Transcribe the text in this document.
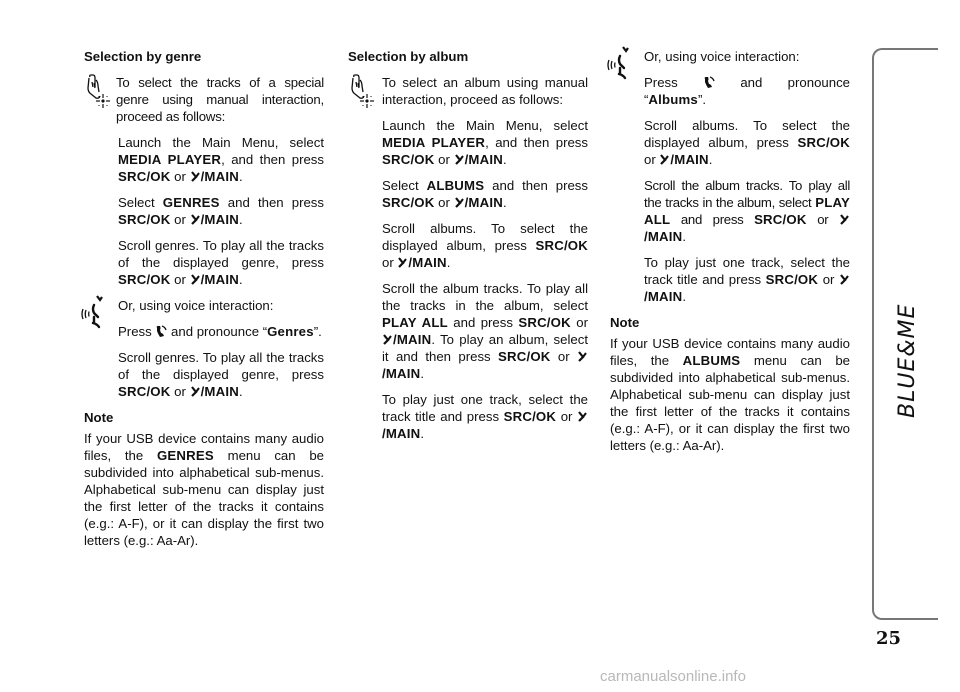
Selection by genre

To select the tracks of a special genre using manual interaction, proceed as follows:

Launch the Main Menu, select MEDIA PLAYER, and then press SRC/OK or /MAIN.

Select GENRES and then press SRC/OK or /MAIN.

Scroll genres. To play all the tracks of the displayed genre, press SRC/OK or /MAIN.

Or, using voice interaction:

Press  and pronounce “Genres”.

Scroll genres. To play all the tracks of the displayed genre, press SRC/OK or /MAIN.

Note

If your USB device contains many audio files, the GENRES menu can be subdivided into alphabetical sub-menus. Alphabetical sub-menu can display just the first letter of the tracks it contains (e.g.: A-F), or it can display the first two letters (e.g.: Aa-Ar).

Selection by album

To select an album using manual interaction, proceed as follows:

Launch the Main Menu, select MEDIA PLAYER, and then press SRC/OK or /MAIN.

Select ALBUMS and then press SRC/OK or /MAIN.

Scroll albums. To select the displayed album, press SRC/OK or /MAIN.

Scroll the album tracks. To play all the tracks in the album, select PLAY ALL and press SRC/OK or /MAIN. To play an album, select it and then press SRC/OK or /MAIN.

To play just one track, select the track title and press SRC/OK or /MAIN.

Or, using voice interaction:

Press  and pronounce “Albums”.

Scroll albums. To select the displayed album, press SRC/OK or /MAIN.

Scroll the album tracks. To play all the tracks in the album, select PLAY ALL and press SRC/OK or /MAIN.

To play just one track, select the track title and press SRC/OK or /MAIN.

Note

If your USB device contains many audio files, the ALBUMS menu can be subdivided into alphabetical sub-menus. Alphabetical sub-menu can display just the first letter of the tracks it contains (e.g.: A-F), or it can display the first two letters (e.g.: Aa-Ar).

BLUE&ME
25
carmanualsonline.info
